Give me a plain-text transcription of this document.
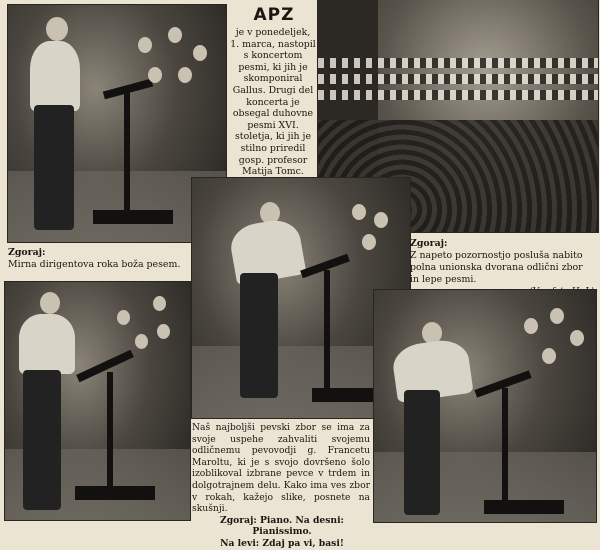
APZ
je v ponedeljek, 1. marca, nastopil s koncertom pesmi, ki jih je skomponiral Gallus. Drugi del koncerta je obsegal duhovne pesmi XVI. stoletja, ki jih je stilno priredil gosp. profesor Matija Tomc.
Zgoraj:
Mirna dirigentova roka boža pesem.
Zgoraj:
Z napeto pozornostjo posluša nabito polna unionska dvorana odlični zbor in lepe pesmi.
Naš najboljši pevski zbor se ima za svoje uspehe zahvaliti svojemu odličnemu pevovodji g. Francetu Maroltu, ki je s svojo dovršeno šolo izoblikoval izbrane pevce v trdem in dolgotrajnem delu. Kako ima ves zbor v rokah, kažejo slike, posnete na skušnji.
Zgoraj: Piano. Na desni: Pianissimo.
Na levi: Zdaj pa vi, basi!
